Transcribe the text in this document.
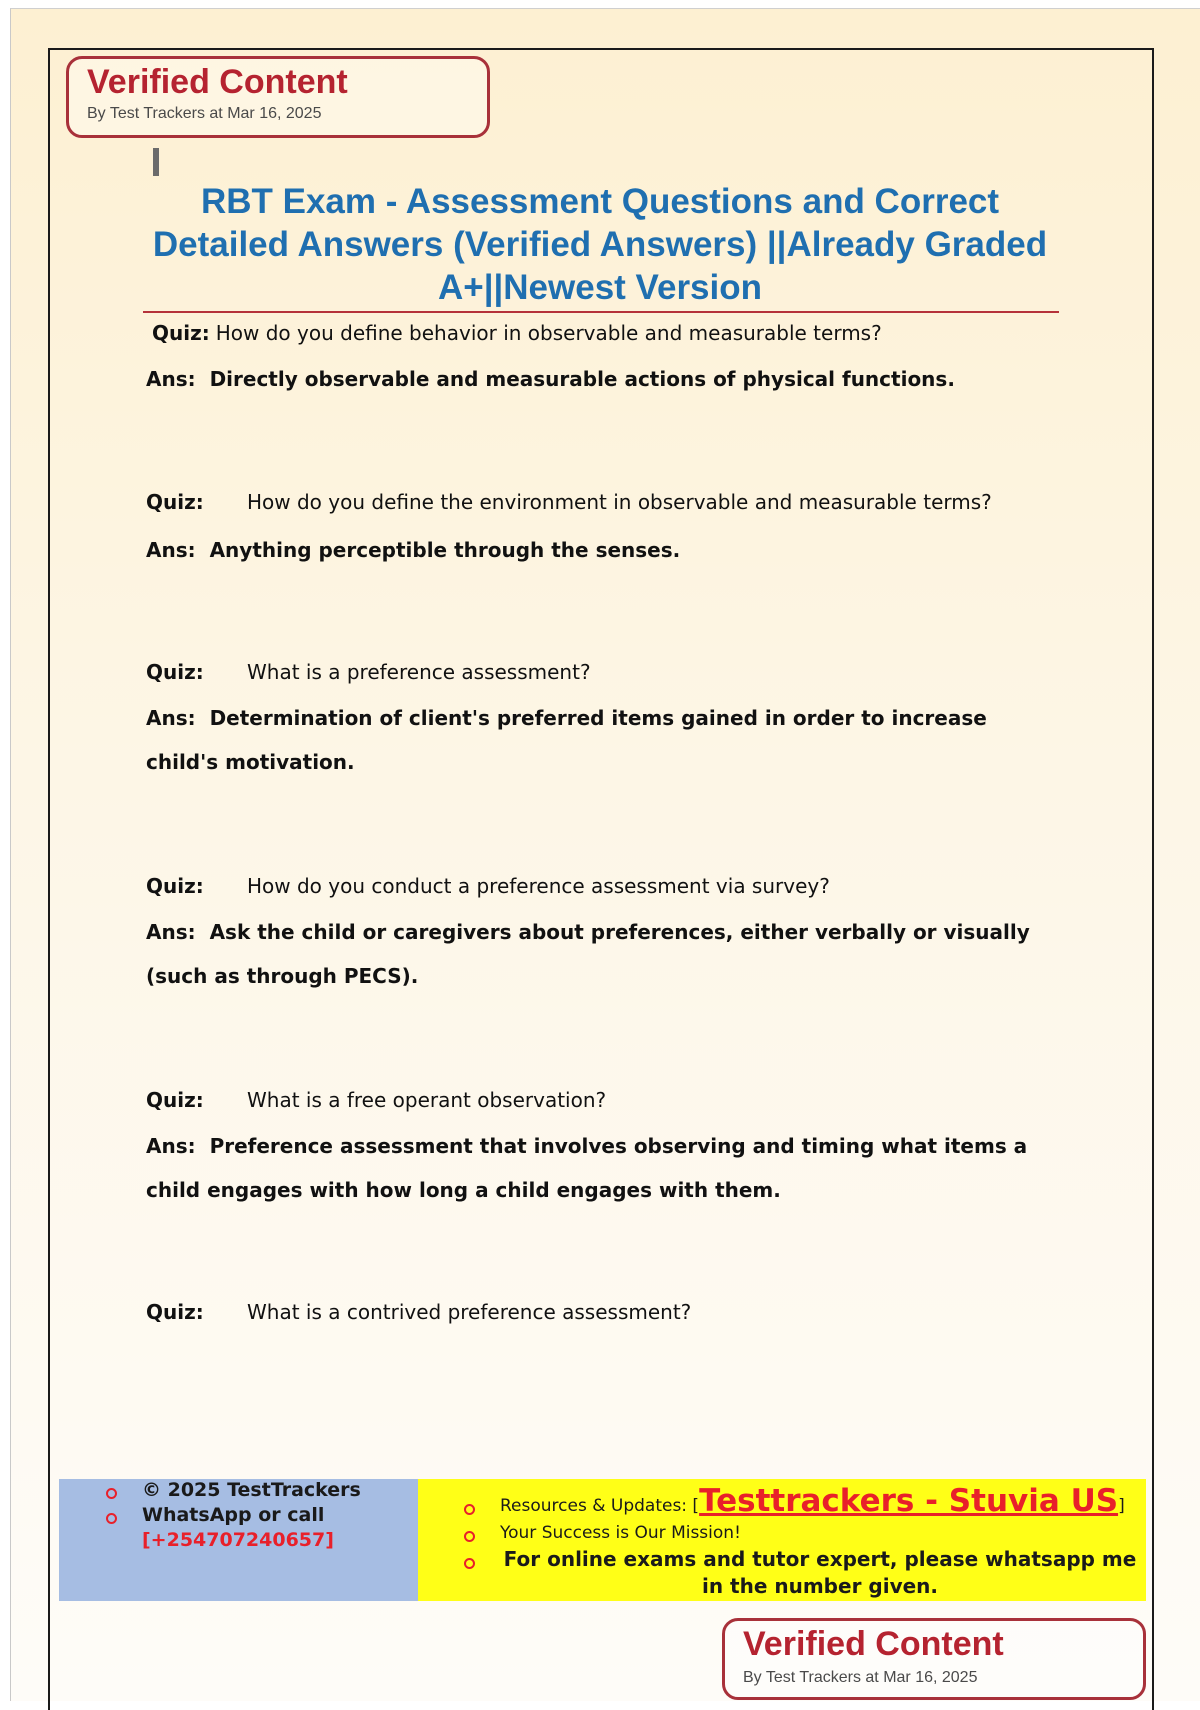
Verified Content
By Test Trackers at Mar 16, 2025
RBT Exam - Assessment Questions and Correct Detailed Answers (Verified Answers) ||Already Graded A+||Newest Version
Quiz: How do you define behavior in observable and measurable terms?
Ans: Directly observable and measurable actions of physical functions.
Quiz: How do you define the environment in observable and measurable terms?
Ans: Anything perceptible through the senses.
Quiz: What is a preference assessment?
Ans: Determination of client's preferred items gained in order to increase child's motivation.
Quiz: How do you conduct a preference assessment via survey?
Ans: Ask the child or caregivers about preferences, either verbally or visually (such as through PECS).
Quiz: What is a free operant observation?
Ans: Preference assessment that involves observing and timing what items a child engages with how long a child engages with them.
Quiz: What is a contrived preference assessment?
© 2025 TestTrackers
WhatsApp or call
[+254707240657]
Resources & Updates: [Testtrackers - Stuvia US]
Your Success is Our Mission!
For online exams and tutor expert, please whatsapp me
in the number given.
Verified Content
By Test Trackers at Mar 16, 2025
